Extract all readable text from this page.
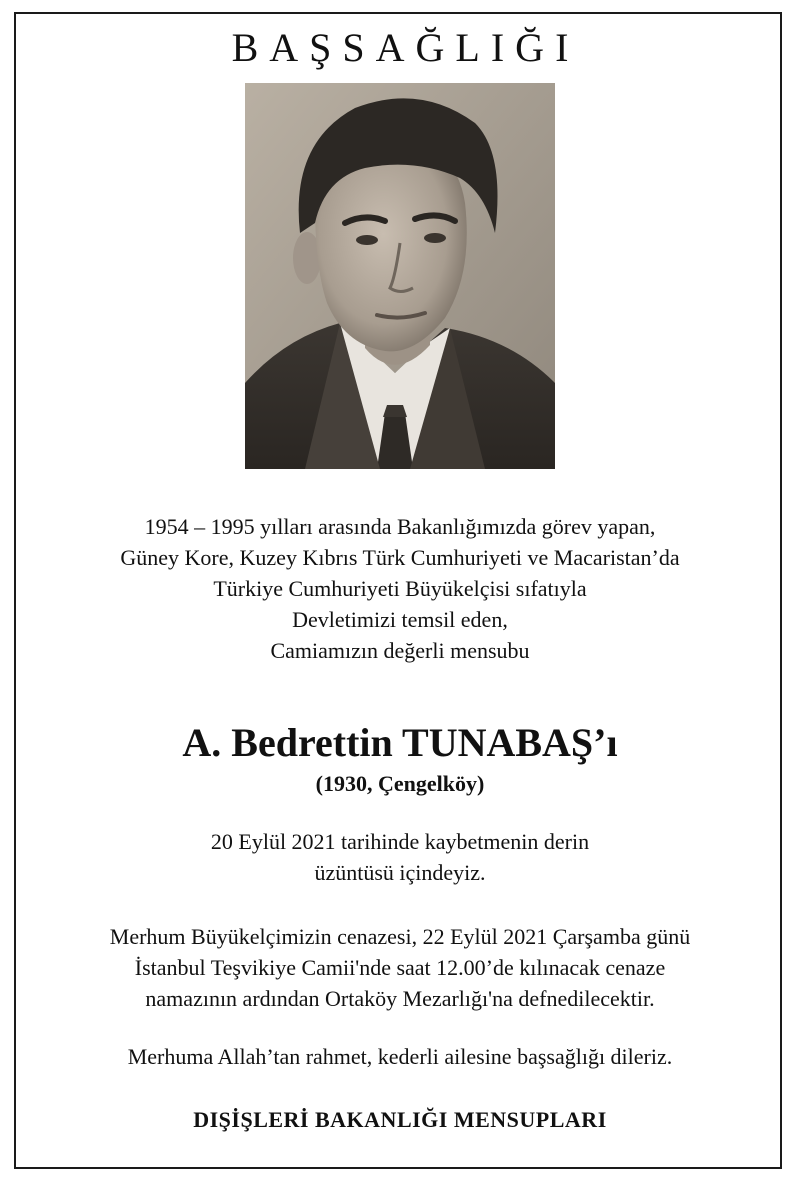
BAŞSAĞLIĞI
1954 – 1995 yılları arasında Bakanlığımızda görev yapan,
Güney Kore, Kuzey Kıbrıs Türk Cumhuriyeti ve Macaristan’da
Türkiye Cumhuriyeti Büyükelçisi sıfatıyla
Devletimizi temsil eden,
Camiamızın değerli mensubu
A. Bedrettin TUNABAŞ’ı
(1930, Çengelköy)
20 Eylül 2021 tarihinde kaybetmenin derin
üzüntüsü içindeyiz.
Merhum Büyükelçimizin cenazesi, 22 Eylül 2021 Çarşamba günü
İstanbul Teşvikiye Camii'nde saat 12.00’de kılınacak cenaze
namazının ardından Ortaköy Mezarlığı'na defnedilecektir.
Merhuma Allah’tan rahmet, kederli ailesine başsağlığı dileriz.
DIŞİŞLERİ BAKANLIĞI MENSUPLARI
